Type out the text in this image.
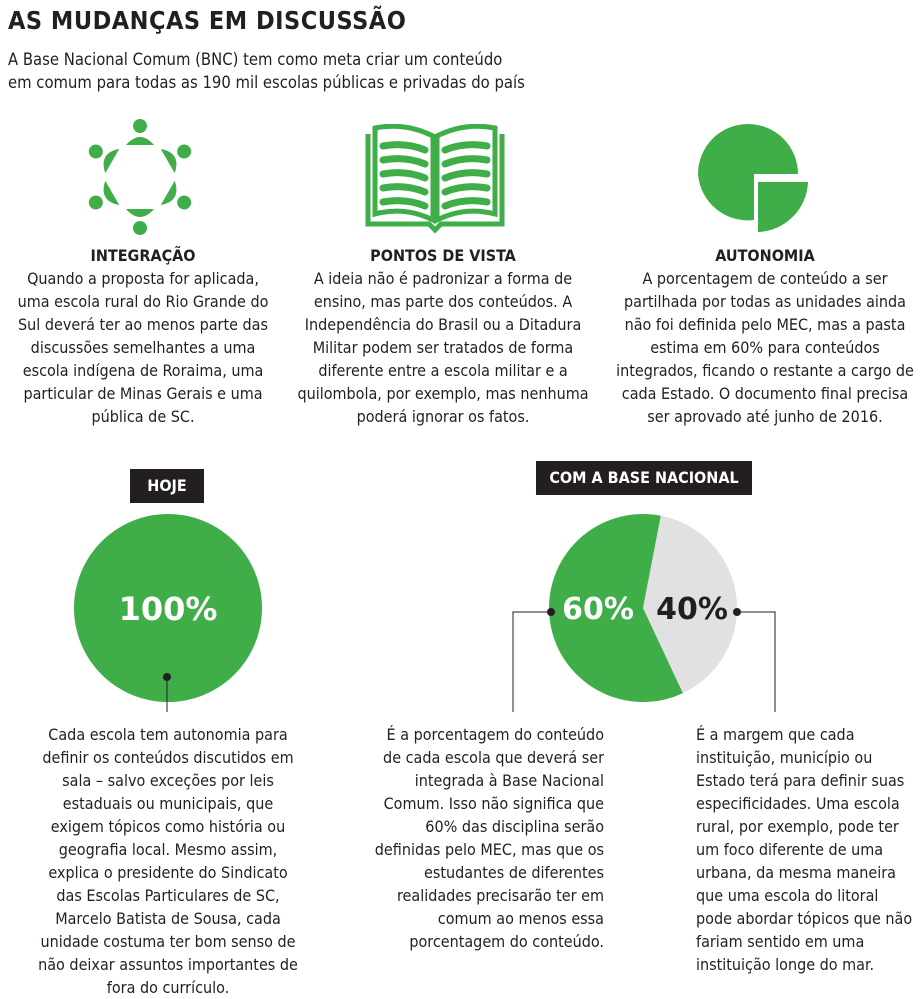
AS MUDANÇAS EM DISCUSSÃO
A Base Nacional Comum (BNC) tem como meta criar um conteúdo
em comum para todas as 190 mil escolas públicas e privadas do país
INTEGRAÇÃO

Quando a proposta for aplicada, uma escola rural do Rio Grande do Sul deverá ter ao menos parte das discussões semelhantes a uma escola indígena de Roraima, uma particular de Minas Gerais e uma pública de SC.

PONTOS DE VISTA

A ideia não é padronizar a forma de ensino, mas parte dos conteúdos. A Independência do Brasil ou a Ditadura Militar podem ser tratados de forma diferente entre a escola militar e a quilombola, por exemplo, mas nenhuma poderá ignorar os fatos.

AUTONOMIA

A porcentagem de conteúdo a ser partilhada por todas as unidades ainda não foi definida pelo MEC, mas a pasta estima em 60% para conteúdos integrados, ficando o restante a cargo de cada Estado. O documento final precisa ser aprovado até junho de 2016.

HOJE	COM A BASE NACIONAL
100%	60% 40%
Cada escola tem autonomia para definir os conteúdos discutidos em sala – salvo exceções por leis estaduais ou municipais, que exigem tópicos como história ou geografia local. Mesmo assim, explica o presidente do Sindicato das Escolas Particulares de SC, Marcelo Batista de Sousa, cada unidade costuma ter bom senso de não deixar assuntos importantes de fora do currículo.
É a porcentagem do conteúdo de cada escola que deverá ser integrada à Base Nacional Comum. Isso não significa que 60% das disciplina serão definidas pelo MEC, mas que os estudantes de diferentes realidades precisarão ter em comum ao menos essa porcentagem do conteúdo.
É a margem que cada instituição, município ou Estado terá para definir suas especificidades. Uma escola rural, por exemplo, pode ter um foco diferente de uma urbana, da mesma maneira que uma escola do litoral pode abordar tópicos que não fariam sentido em uma instituição longe do mar.
